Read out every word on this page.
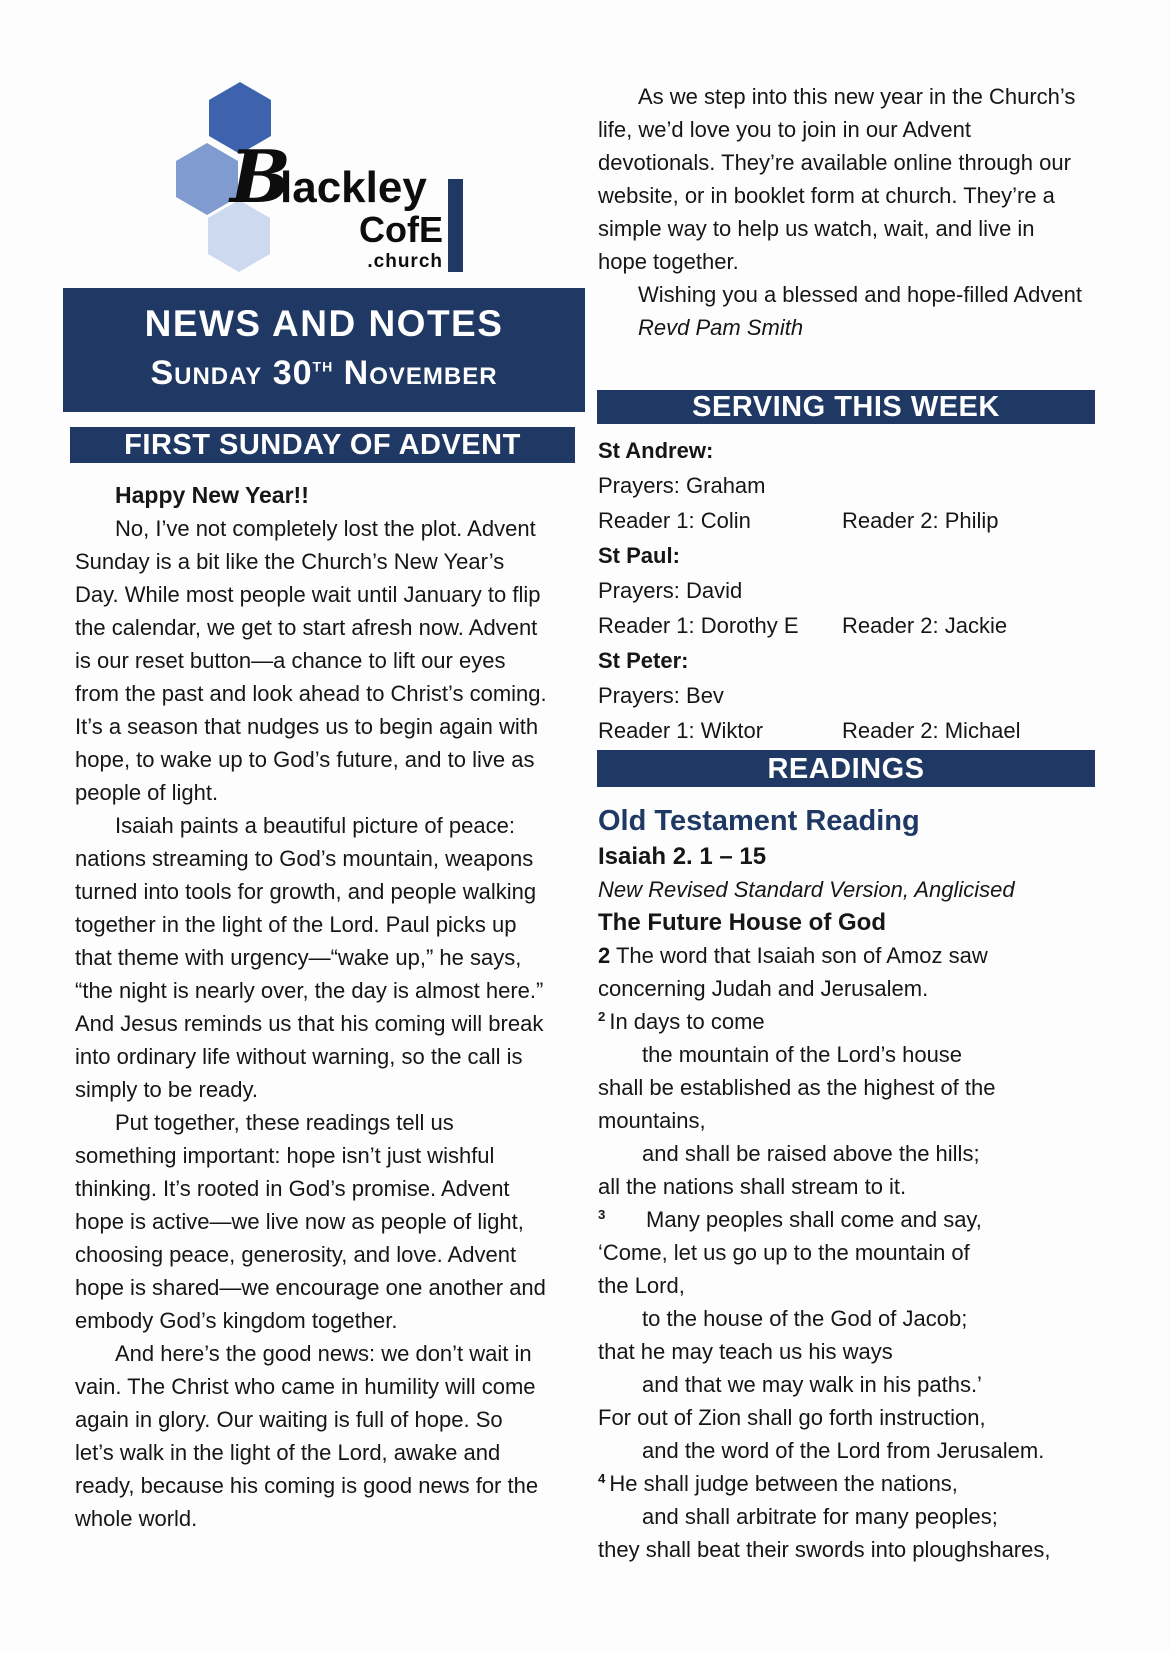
B
lackley
CofE
.church
NEWS AND NOTES
Sunday 30th November
FIRST SUNDAY OF ADVENT
Happy New Year!!

No, I’ve not completely lost the plot. Advent Sunday is a bit like the Church’s New Year’s Day. While most people wait until January to flip the calendar, we get to start afresh now. Advent is our reset button—a chance to lift our eyes from the past and look ahead to Christ’s coming. It’s a season that nudges us to begin again with hope, to wake up to God’s future, and to live as people of light.

Isaiah paints a beautiful picture of peace: nations streaming to God’s mountain, weapons turned into tools for growth, and people walking together in the light of the Lord. Paul picks up that theme with urgency—“wake up,” he says, “the night is nearly over, the day is almost here.” And Jesus reminds us that his coming will break into ordinary life without warning, so the call is simply to be ready.

Put together, these readings tell us something important: hope isn’t just wishful thinking. It’s rooted in God’s promise. Advent hope is active—we live now as people of light, choosing peace, generosity, and love. Advent hope is shared—we encourage one another and embody God’s kingdom together.

And here’s the good news: we don’t wait in vain. The Christ who came in humility will come again in glory. Our waiting is full of hope. So let’s walk in the light of the Lord, awake and ready, because his coming is good news for the whole world.

As we step into this new year in the Church’s life, we’d love you to join in our Advent devotionals. They’re available online through our website, or in booklet form at church. They’re a simple way to help us watch, wait, and live in hope together.

Wishing you a blessed and hope-filled Advent

Revd Pam Smith

SERVING THIS WEEK
St Andrew:
Prayers: Graham
Reader 1: Colin	Reader 2: Philip
St Paul:
Prayers: David
Reader 1: Dorothy E	Reader 2: Jackie
St Peter:
Prayers: Bev
Reader 1: Wiktor	Reader 2: Michael
READINGS
Old Testament Reading
Isaiah 2. 1 – 15
New Revised Standard Version, Anglicised
The Future House of God
2 The word that Isaiah son of Amoz saw
concerning Judah and Jerusalem.
$^2$ In days to come
the mountain of the Lord’s house
shall be established as the highest of the
mountains,
and shall be raised above the hills;
all the nations shall stream to it.
$^3$      Many peoples shall come and say,
‘Come, let us go up to the mountain of
the Lord,
to the house of the God of Jacob;
that he may teach us his ways
and that we may walk in his paths.’
For out of Zion shall go forth instruction,
and the word of the Lord from Jerusalem.
$^4$ He shall judge between the nations,
and shall arbitrate for many peoples;
they shall beat their swords into ploughshares,
